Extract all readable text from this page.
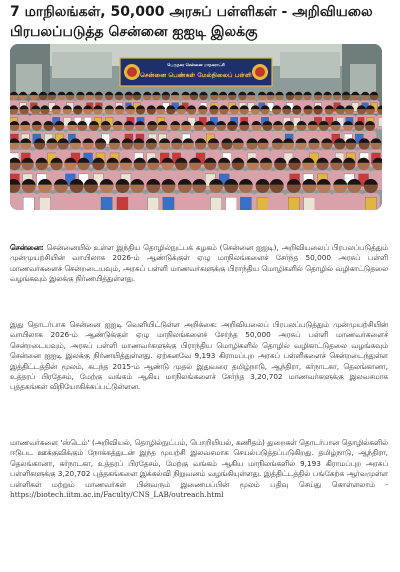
7 மாநிலங்கள், 50,000 அரசுப் பள்ளிகள் - அறிவியலை பிரபலப்படுத்த சென்னை ஐஐடி இலக்கு
பெருநகர சென்னை மாநகராட்சி
சென்னை பெண்கள் மேல்நிலைப் பள்ளி

சென்னை: சென்னையில் உள்ள இந்திய தொழில்நுட்பக் கழகம் (சென்னை ஐஐடி), அறிவியலைப் பிரபலப்படுத்தும் முன்முயற்சியின் வாயிலாக 2026-ம் ஆண்டுக்குள் ஏழு மாநிலங்களைச் சேர்ந்த 50,000 அரசுப் பள்ளி மாணவர்களைச் சென்றடையவும், அரசுப் பள்ளி மாணவர்களுக்கு பிராந்திய மொழிகளில் தொழில் வழிகாட்டுதலை வழங்கவும் இலக்கு நிர்ணயித்துள்ளது.

இது தொடர்பாக சென்னை ஐஐடி வெளியிட்டுள்ள அறிக்கை: அறிவியலைப் பிரபலப்படுத்தும் முன்முயற்சியின் வாயிலாக 2026-ம் ஆண்டுக்குள் ஏழு மாநிலங்களைச் சேர்ந்த 50,000 அரசுப் பள்ளி மாணவர்களைச் சென்றடையவும், அரசுப் பள்ளி மாணவர்களுக்கு பிராந்திய மொழிகளில் தொழில் வழிகாட்டுதலை வழங்கவும் சென்னை ஐஐடி இலக்கு நிர்ணயித்துள்ளது. ஏற்கனவே 9,193 கிராமப்புற அரசுப் பள்ளிகளைச் சென்றடைந்துள்ள இத்திட்டத்தின் மூலம், கடந்த 2015-ம் ஆண்டு முதல் இதுவரை தமிழ்நாடு, ஆந்திரா, கர்நாடகா, தெலங்கானா, உத்தரப் பிரதேசம், மேற்கு வங்கம் ஆகிய மாநிலங்களைச் சேர்ந்த 3,20,702 மாணவர்களுக்கு இலவசமாக புத்தகங்கள் விநியோகிக்கப்பட்டுள்ளன.

மாணவர்களை 'ஸ்டெம்' (அறிவியல், தொழில்நுட்பம், பொறியியல், கணிதம்) துறைகள் தொடர்பான தொழில்களில் ஈடுபட ஊக்குவிக்கும் நோக்கத்துடன் இந்த முயற்சி இலவசமாக செயல்படுத்தப்படுகிறது. தமிழ்நாடு, ஆந்திரா, தெலங்கானா, கர்நாடகா, உத்தரப் பிரதேசம், மேற்கு வங்கம் ஆகிய மாநிலங்களில் 9,193 கிராமப்புற அரசுப் பள்ளிகளுக்கு 3,20,702 புத்தகங்களை இக்கல்வி நிறுவனம் வழங்கியுள்ளது. இத்திட்டத்தில் பங்கேற்க ஆர்வமுள்ள பள்ளிகள் மற்றும் மாணவர்கள் பின்வரும் இணையப்பின் மூலம் பதிவு செய்து கொள்ளலாம் - https://biotech.iitm.ac.in/Faculty/CNS_LAB/outreach.html
